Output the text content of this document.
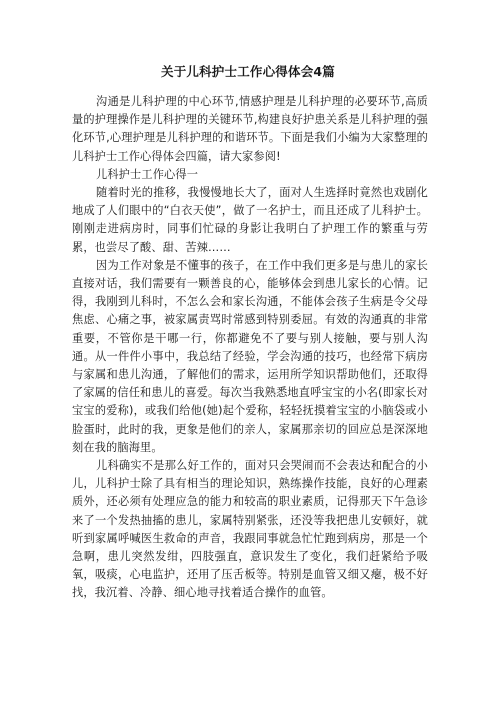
关于儿科护士工作心得体会4篇

沟通是儿科护理的中心环节,情感护理是儿科护理的必要环节,高质量的护理操作是儿科护理的关键环节,构建良好护患关系是儿科护理的强化环节,心理护理是儿科护理的和谐环节。下面是我们小编为大家整理的儿科护士工作心得体会四篇，请大家参阅!

儿科护士工作心得一

随着时光的推移，我慢慢地长大了，面对人生选择时竟然也戏剧化地成了人们眼中的“白衣天使”，做了一名护士，而且还成了儿科护士。刚刚走进病房时，同事们忙碌的身影让我明白了护理工作的繁重与劳累，也尝尽了酸、甜、苦辣……

因为工作对象是不懂事的孩子，在工作中我们更多是与患儿的家长直接对话，我们需要有一颗善良的心，能够体会到患儿家长的心情。记得，我刚到儿科时，不怎么会和家长沟通，不能体会孩子生病是令父母焦虑、心痛之事，被家属责骂时常感到特别委屈。有效的沟通真的非常重要，不管你是干哪一行，你都避免不了要与别人接触，要与别人沟通。从一件件小事中，我总结了经验，学会沟通的技巧，也经常下病房与家属和患儿沟通，了解他们的需求，运用所学知识帮助他们，还取得了家属的信任和患儿的喜爱。每次当我熟悉地直呼宝宝的小名(即家长对宝宝的爱称)，或我们给他(她)起个爱称，轻轻抚摸着宝宝的小脑袋或小脸蛋时，此时的我，更象是他们的亲人，家属那亲切的回应总是深深地刻在我的脑海里。

儿科确实不是那么好工作的，面对只会哭闹而不会表达和配合的小儿，儿科护士除了具有相当的理论知识，熟练操作技能，良好的心理素质外，还必须有处理应急的能力和较高的职业素质，记得那天下午急诊来了一个发热抽搐的患儿，家属特别紧张，还没等我把患儿安顿好，就听到家属呼喊医生救命的声音，我跟同事就急忙忙跑到病房，那是一个急啊，患儿突然发绀，四肢强直，意识发生了变化，我们赶紧给予吸氧，吸痰，心电监护，还用了压舌板等。特别是血管又细又瘪，极不好找，我沉着、冷静、细心地寻找着适合操作的血管。
